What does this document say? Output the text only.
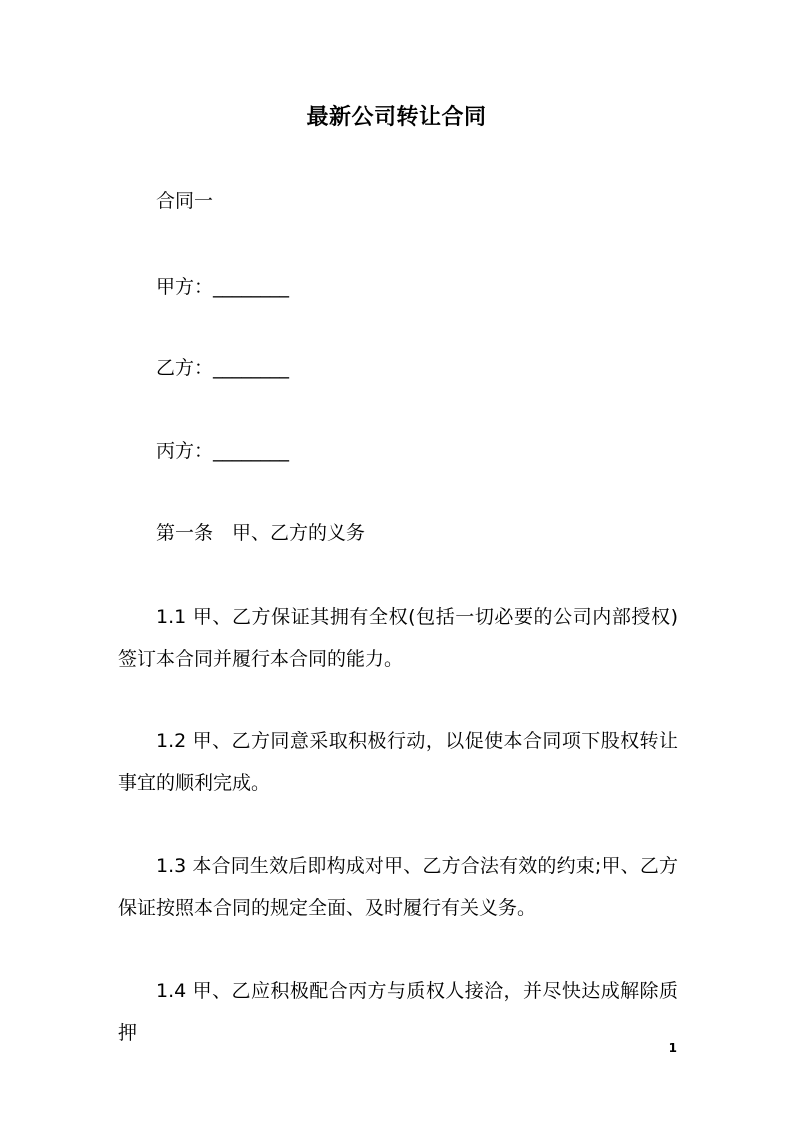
最新公司转让合同
合同一
甲方：________
乙方：________
丙方：________
第一条　甲、乙方的义务
1.1 甲、乙方保证其拥有全权(包括一切必要的公司内部授权)签订本合同并履行本合同的能力。
1.2 甲、乙方同意采取积极行动，以促使本合同项下股权转让事宜的顺利完成。
1.3 本合同生效后即构成对甲、乙方合法有效的约束;甲、乙方保证按照本合同的规定全面、及时履行有关义务。
1.4 甲、乙应积极配合丙方与质权人接洽，并尽快达成解除质押
1
